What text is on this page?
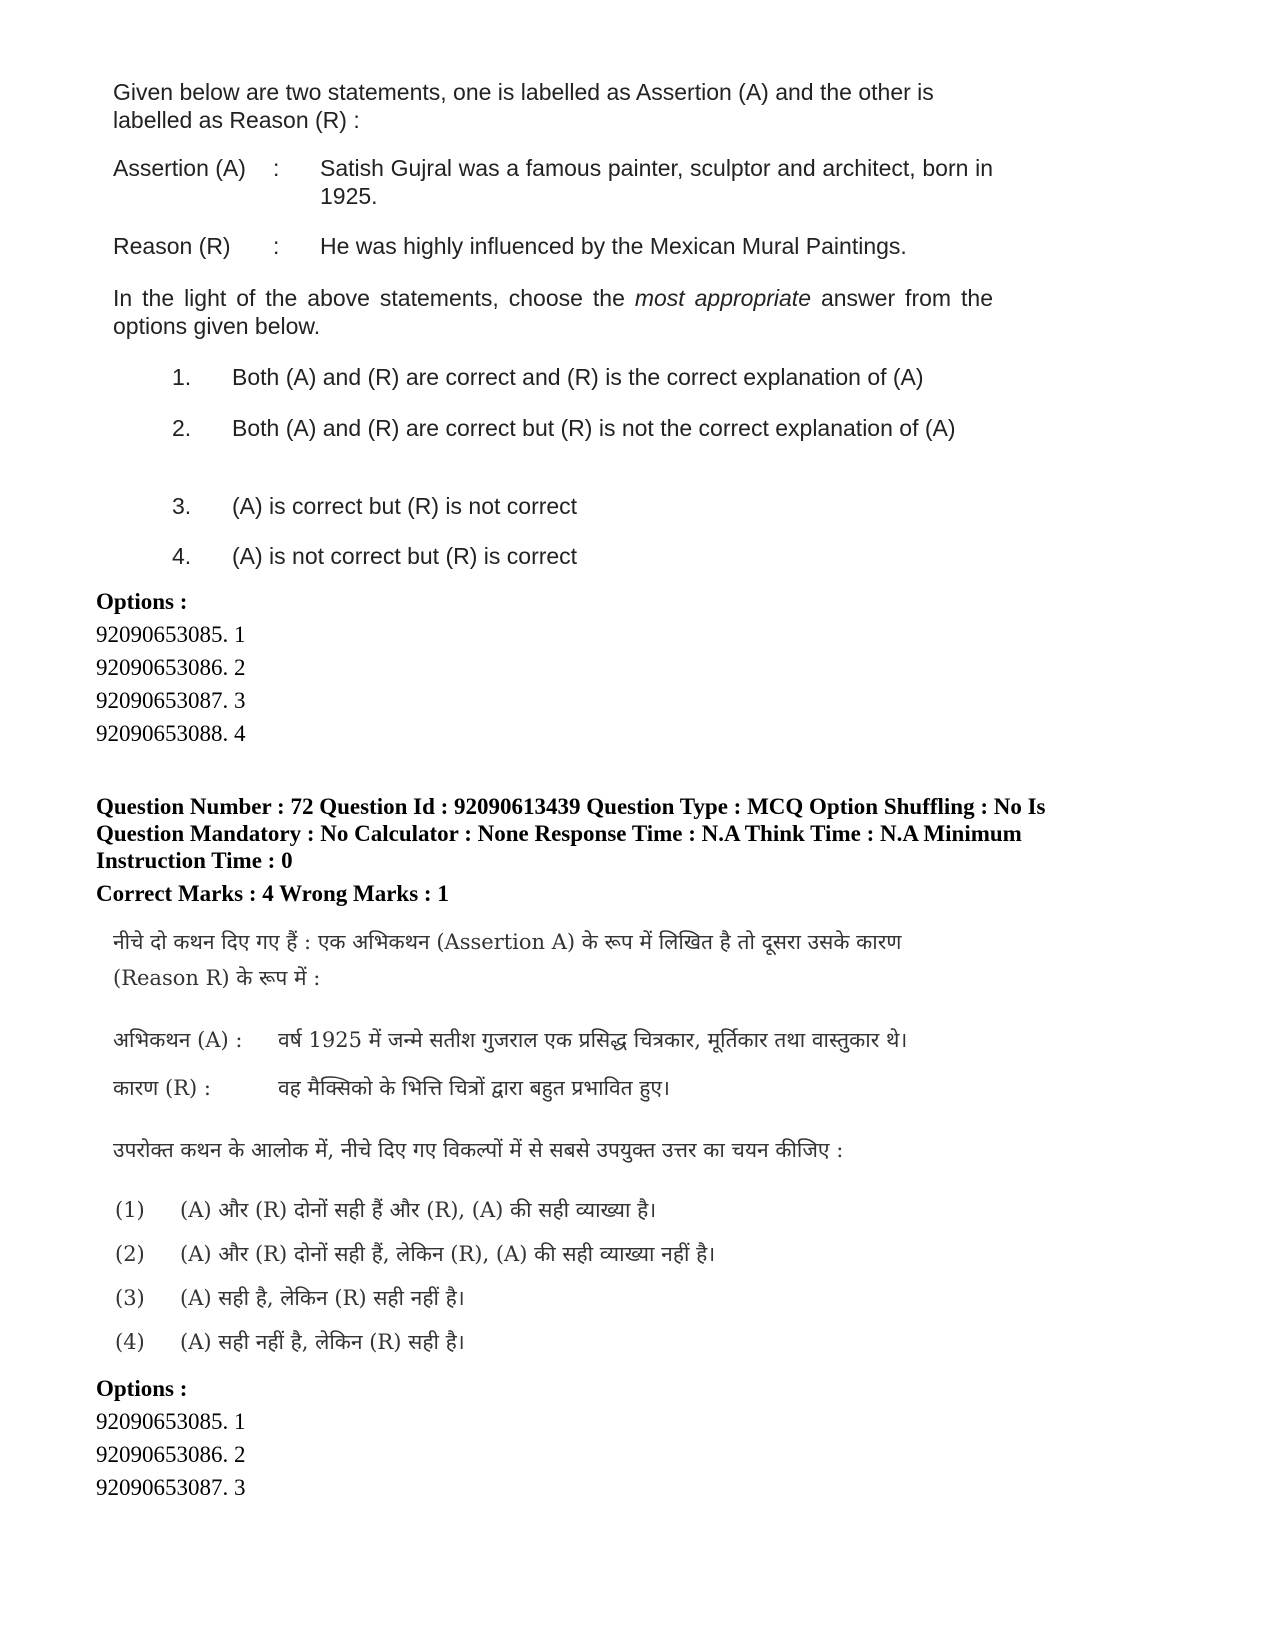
Given below are two statements, one is labelled as Assertion (A) and the other is labelled as Reason (R) :
Assertion (A) : Satish Gujral was a famous painter, sculptor and architect, born in 1925.
Reason (R) : He was highly influenced by the Mexican Mural Paintings.
In the light of the above statements, choose the most appropriate answer from the options given below.
1. Both (A) and (R) are correct and (R) is the correct explanation of (A)
2. Both (A) and (R) are correct but (R) is not the correct explanation of (A)
3. (A) is correct but (R) is not correct
4. (A) is not correct but (R) is correct
Options :
92090653085. 1
92090653086. 2
92090653087. 3
92090653088. 4
Question Number : 72 Question Id : 92090613439 Question Type : MCQ Option Shuffling : No Is
Question Mandatory : No Calculator : None Response Time : N.A Think Time : N.A Minimum
Instruction Time : 0
Correct Marks : 4 Wrong Marks : 1
नीचे दो कथन दिए गए हैं : एक अभिकथन (Assertion A) के रूप में लिखित है तो दूसरा उसके कारण
(Reason R) के रूप में :
अभिकथन (A) : वर्ष 1925 में जन्मे सतीश गुजराल एक प्रसिद्ध चित्रकार, मूर्तिकार तथा वास्तुकार थे।
कारण (R) :	वह मैक्सिको के भित्ति चित्रों द्वारा बहुत प्रभावित हुए।
उपरोक्त कथन के आलोक में, नीचे दिए गए विकल्पों में से सबसे उपयुक्त उत्तर का चयन कीजिए :
(1) (A) और (R) दोनों सही हैं और (R), (A) की सही व्याख्या है।
(2) (A) और (R) दोनों सही हैं, लेकिन (R), (A) की सही व्याख्या नहीं है।
(3) (A) सही है, लेकिन (R) सही नहीं है।
(4) (A) सही नहीं है, लेकिन (R) सही है।
Options :
92090653085. 1
92090653086. 2
92090653087. 3
